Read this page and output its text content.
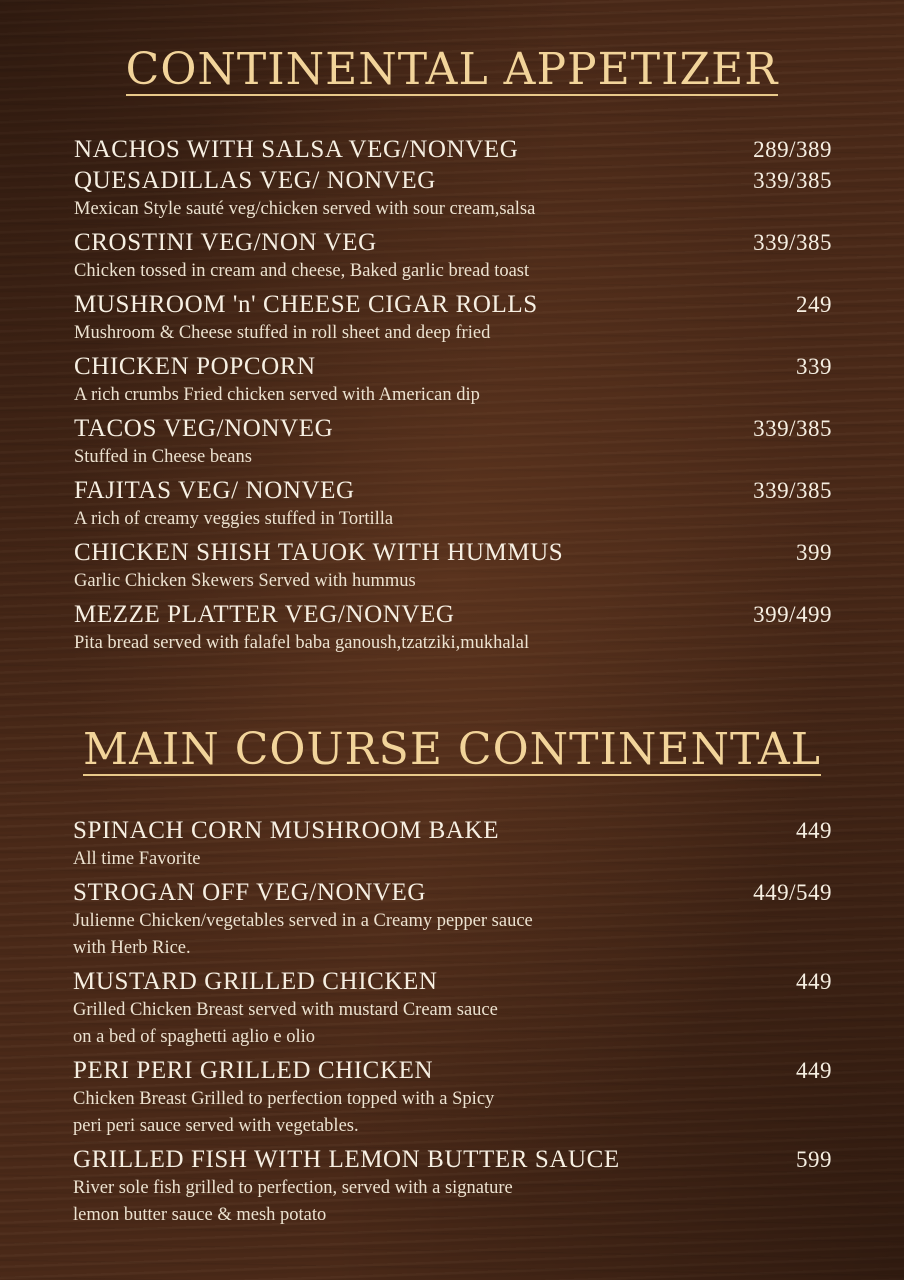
CONTINENTAL APPETIZER
NACHOS WITH SALSA VEG/NONVEG	289/389
QUESADILLAS VEG/ NONVEG	339/385
Mexican Style sauté veg/chicken served with sour cream,salsa
CROSTINI VEG/NON VEG	339/385
Chicken tossed in cream and cheese, Baked garlic bread toast
MUSHROOM 'n' CHEESE CIGAR ROLLS	249
Mushroom & Cheese stuffed in roll sheet and deep fried
CHICKEN POPCORN	339
A rich crumbs Fried chicken served with American dip
TACOS VEG/NONVEG	339/385
Stuffed in Cheese beans
FAJITAS VEG/ NONVEG	339/385
A rich of creamy veggies stuffed in Tortilla
CHICKEN SHISH TAUOK WITH HUMMUS	399
Garlic Chicken Skewers Served with hummus
MEZZE PLATTER VEG/NONVEG	399/499
Pita bread served with falafel baba ganoush,tzatziki,mukhalal
MAIN COURSE CONTINENTAL
SPINACH CORN MUSHROOM BAKE	449
All time Favorite
STROGAN OFF VEG/NONVEG	449/549
Julienne Chicken/vegetables served in a Creamy pepper sauce
with Herb Rice.
MUSTARD GRILLED CHICKEN	449
Grilled Chicken Breast served with mustard Cream sauce
on a bed of spaghetti aglio e olio
PERI PERI GRILLED CHICKEN	449
Chicken Breast Grilled to perfection topped with a Spicy
peri peri sauce served with vegetables.
GRILLED FISH WITH LEMON BUTTER SAUCE	599
River sole fish grilled to perfection, served with a signature
lemon butter sauce & mesh potato
